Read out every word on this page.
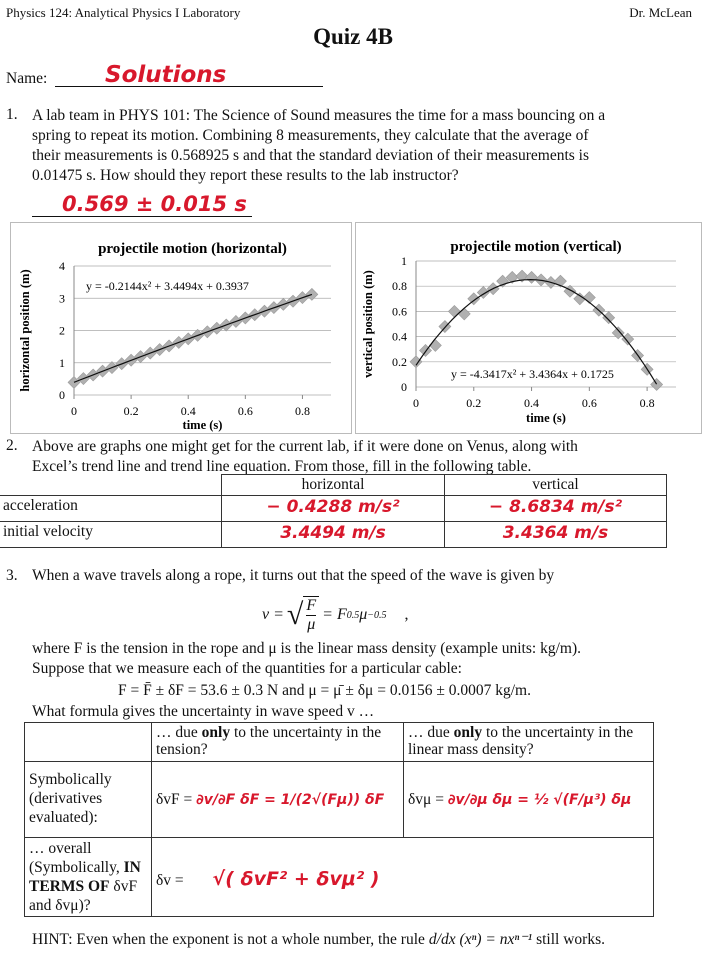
Physics 124: Analytical Physics I Laboratory	Dr. McLean
Quiz 4B
Name:	Solutions
1. A lab team in PHYS 101: The Science of Sound measures the time for a mass bouncing on a
spring to repeat its motion. Combining 8 measurements, they calculate that the average of
their measurements is 0.568925 s and that the standard deviation of their measurements is
0.01475 s. How should they report these results to the lab instructor?
0.569 ± 0.015 s
projectile motion (horizontal)
0
1
2
3
4
0	0.2	0.4	0.6	0.8
time (s)
horizontal position (m)	y = -0.2144x² + 3.4494x + 0.3937
projectile motion (vertical)
0
0.2
0.4
0.6
0.8
1
0	0.2	0.4	0.6	0.8
time (s)
vertical position (m)	y = -4.3417x² + 3.4364x + 0.1725
2. Above are graphs one might get for the current lab, if it were done on Venus, along with
Excel’s trend line and trend line equation. From those, fill in the following table.
	horizontal	vertical
acceleration	− 0.4288 m/s²	− 8.6834 m/s²
initial velocity	3.4494 m/s	3.4364 m/s
3. When a wave travels along a rope, it turns out that the speed of the wave is given by
v = √ $\frac{F}{\mu} = F$ 0.5 μ −0.5 ,
where F is the tension in the rope and μ is the linear mass density (example units: kg/m).
Suppose that we measure each of the quantities for a particular cable:
F = F̄ ± δF = 53.6 ± 0.3 N and μ = μ̄ ± δμ = 0.0156 ± 0.0007 kg/m.
What formula gives the uncertainty in wave speed v …
	… due only to the uncertainty in the tension?	… due only to the uncertainty in the linear mass density?
Symbolically (derivatives evaluated):	δvF = ∂v/∂F δF = 1/(2√(Fμ)) δF	δvμ = ∂v/∂μ δμ = ½ √(F/μ³) δμ
… overall (Symbolically, IN TERMS OF δvF and δvμ)?	δv = √( δvF² + δvμ² )	
HINT: Even when the exponent is not a whole number, the rule d/dx (xⁿ) = nxⁿ⁻¹ still works.
